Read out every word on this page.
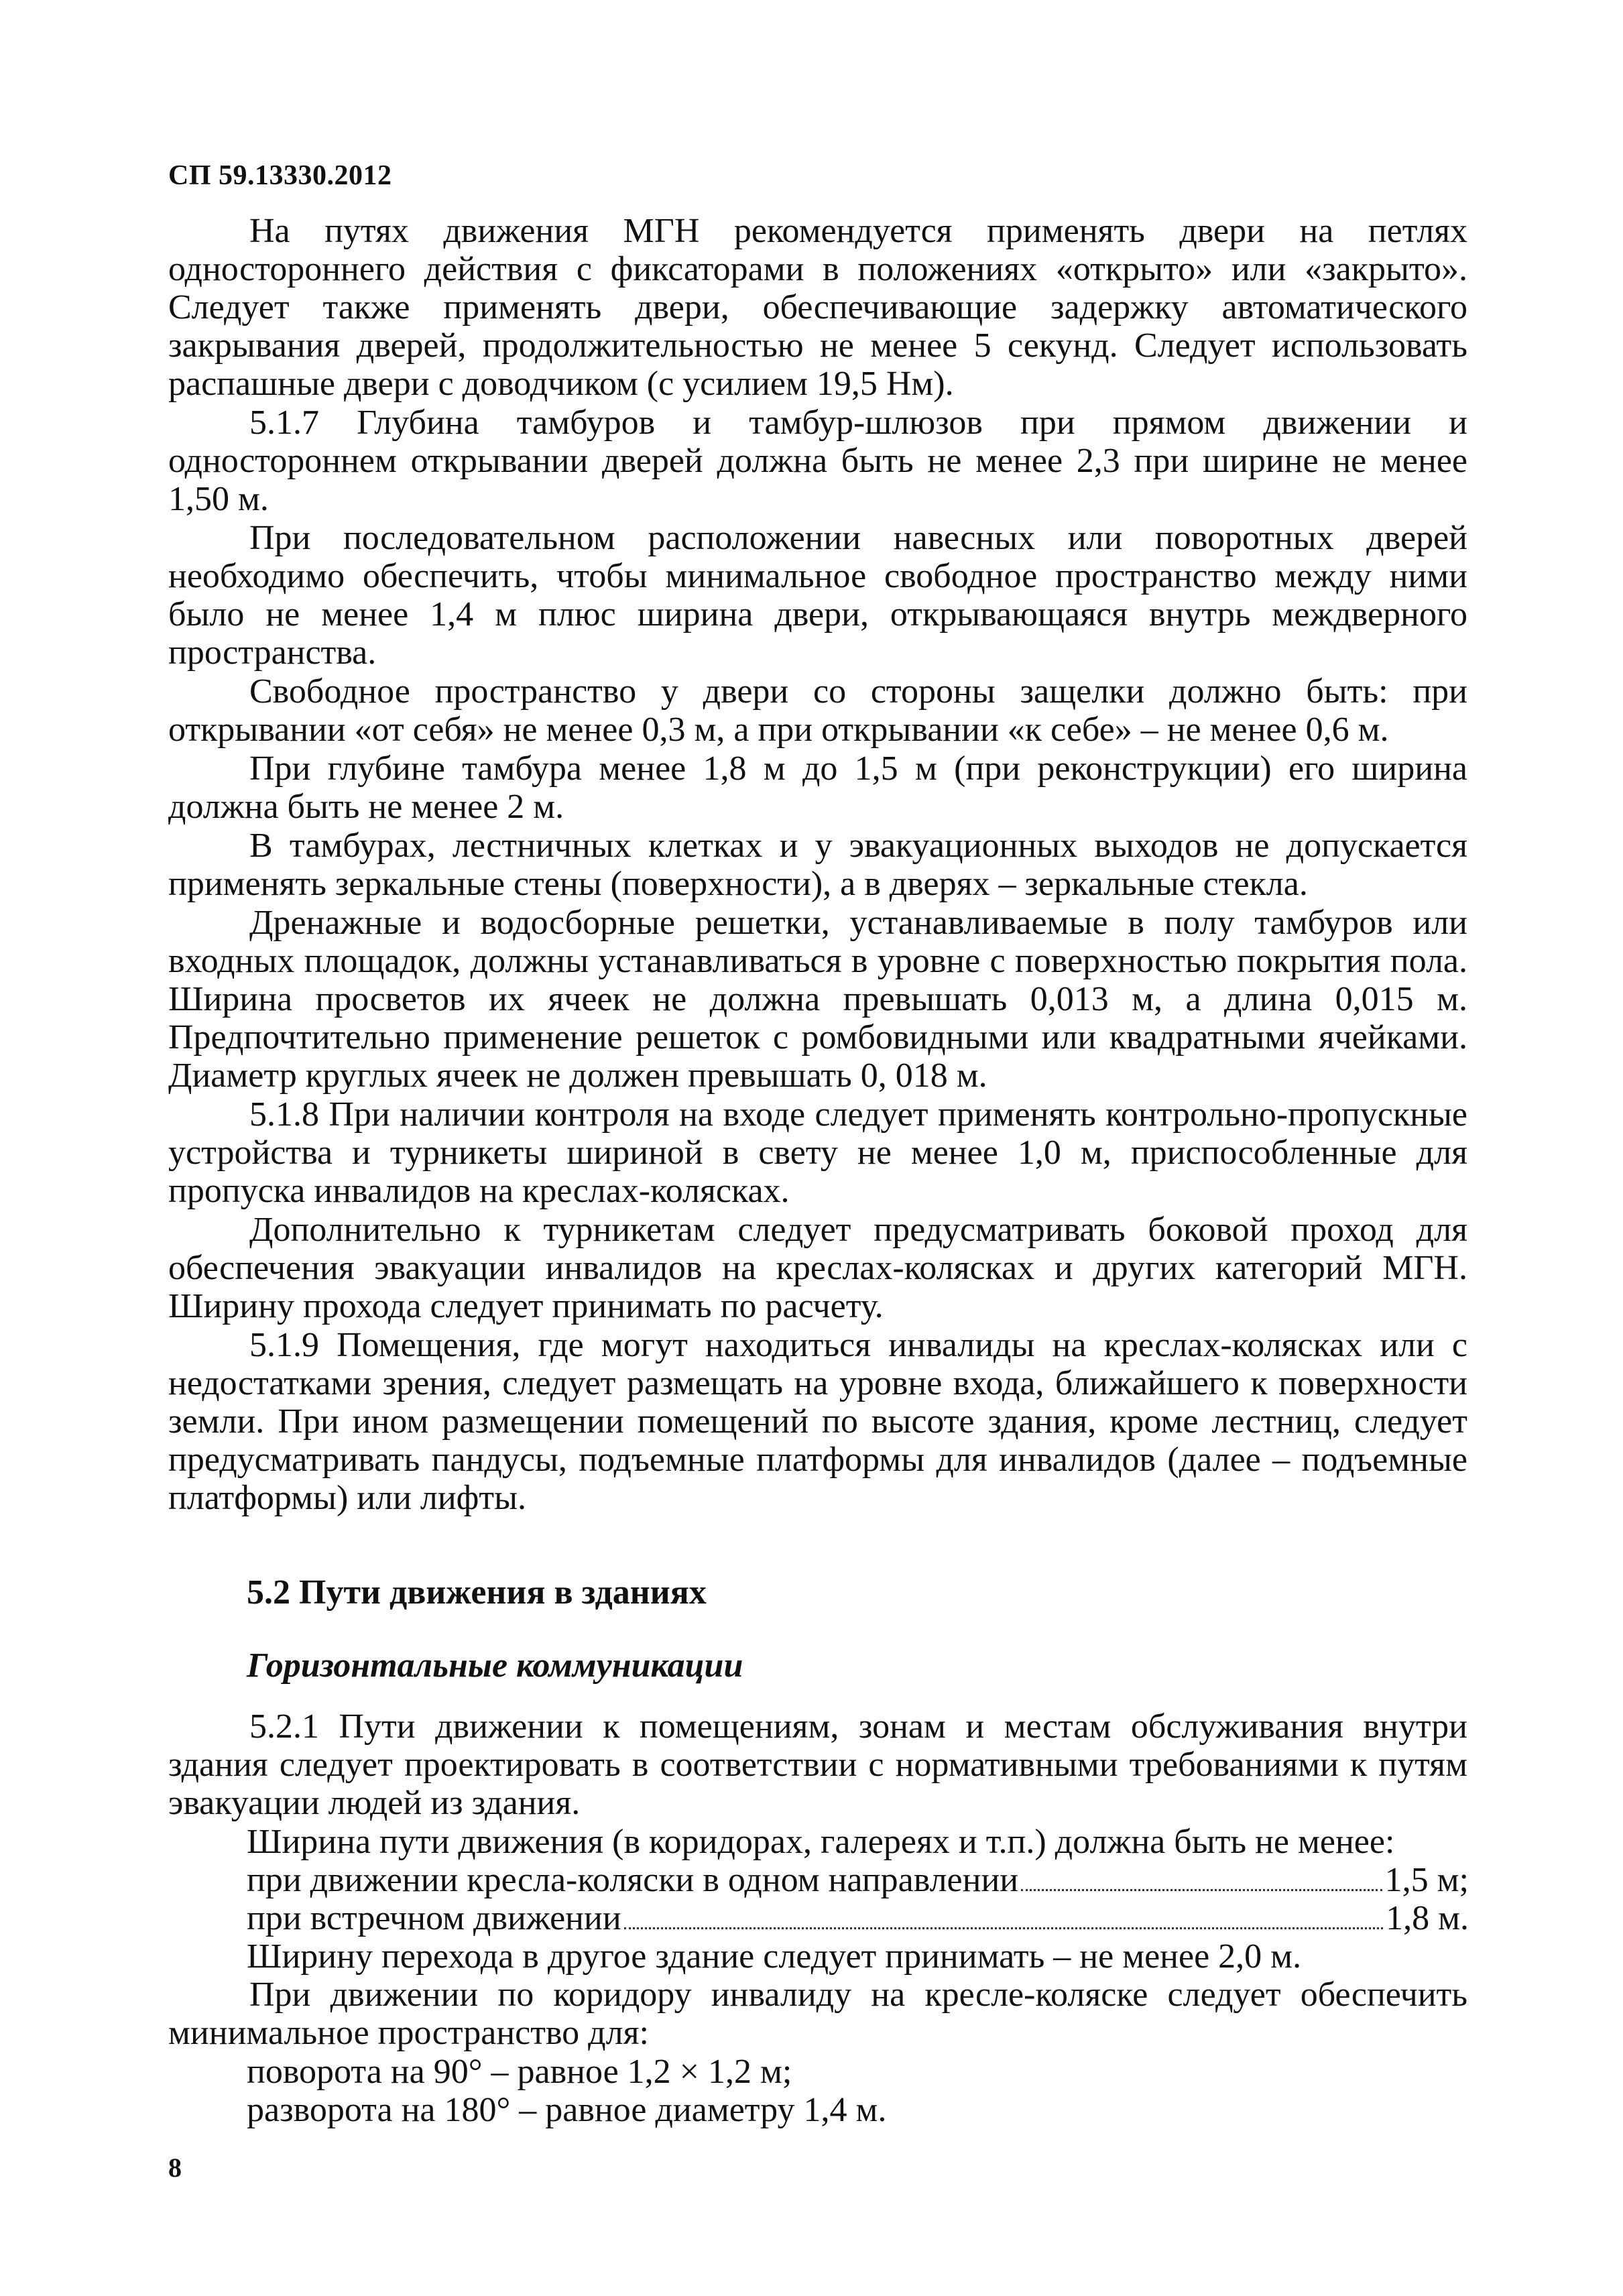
СП 59.13330.2012

На путях движения МГН рекомендуется применять двери на петлях одностороннего действия с фиксаторами в положениях «открыто» или «закрыто». Следует также применять двери, обеспечивающие задержку автоматического закрывания дверей, продолжительностью не менее 5 секунд. Следует использовать распашные двери с доводчиком (с усилием 19,5 Нм).

5.1.7 Глубина тамбуров и тамбур-шлюзов при прямом движении и одностороннем открывании дверей должна быть не менее 2,3 при ширине не менее 1,50 м.

При последовательном расположении навесных или поворотных дверей необходимо обеспечить, чтобы минимальное свободное пространство между ними было не менее 1,4 м плюс ширина двери, открывающаяся внутрь междверного пространства.

Свободное пространство у двери со стороны защелки должно быть: при открывании «от себя» не менее 0,3 м, а при открывании «к себе» – не менее 0,6 м.

При глубине тамбура менее 1,8 м до 1,5 м (при реконструкции) его ширина должна быть не менее 2 м.

В тамбурах, лестничных клетках и у эвакуационных выходов не допускается применять зеркальные стены (поверхности), а в дверях – зеркальные стекла.

Дренажные и водосборные решетки, устанавливаемые в полу тамбуров или входных площадок, должны устанавливаться в уровне с поверхностью покрытия пола. Ширина просветов их ячеек не должна превышать 0,013 м, а длина 0,015 м. Предпочтительно применение решеток с ромбовидными или квадратными ячейками. Диаметр круглых ячеек не должен превышать 0, 018 м.

5.1.8 При наличии контроля на входе следует применять контрольно-пропускные устройства и турникеты шириной в свету не менее 1,0 м, приспособленные для пропуска инвалидов на креслах-колясках.

Дополнительно к турникетам следует предусматривать боковой проход для обеспечения эвакуации инвалидов на креслах-колясках и других категорий МГН. Ширину прохода следует принимать по расчету.

5.1.9 Помещения, где могут находиться инвалиды на креслах-колясках или с недостатками зрения, следует размещать на уровне входа, ближайшего к поверхности земли. При ином размещении помещений по высоте здания, кроме лестниц, следует предусматривать пандусы, подъемные платформы для инвалидов (далее – подъемные платформы) или лифты.

5.2 Пути движения в зданиях
Горизонтальные коммуникации

5.2.1 Пути движении к помещениям, зонам и местам обслуживания внутри здания следует проектировать в соответствии с нормативными требованиями к путям эвакуации людей из здания.

Ширина пути движения (в коридорах, галереях и т.п.) должна быть не менее:
при движении кресла-коляски в одном направлении	1,5 м;
при встречном движении	1,8 м.
Ширину перехода в другое здание следует принимать – не менее 2,0 м.

При движении по коридору инвалиду на кресле-коляске следует обеспечить минимальное пространство для:

поворота на 90° – равное 1,2 × 1,2 м;
разворота на 180° – равное диаметру 1,4 м.
8
